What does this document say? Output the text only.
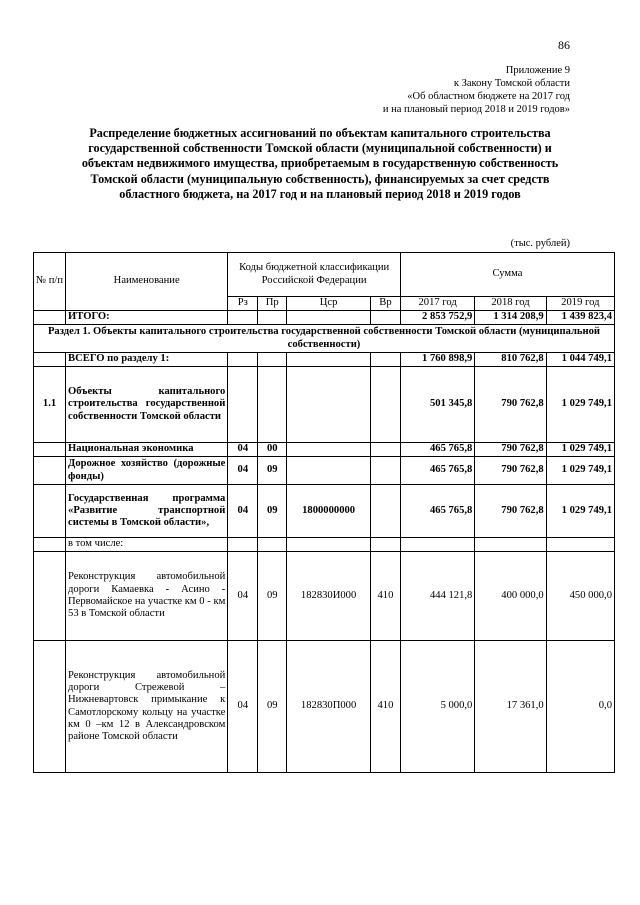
86
Приложение 9
к Закону Томской области
«Об областном бюджете на 2017 год
и на плановый период 2018 и 2019 годов»
Распределение бюджетных ассигнований по объектам капитального строительства государственной собственности Томской области (муниципальной собственности) и объектам недвижимого имущества, приобретаемым в государственную собственность Томской области (муниципальную собственность), финансируемых за счет средств областного бюджета, на 2017 год и на плановый период 2018 и 2019 годов
(тыс. рублей)
№ п/п	Наименование	Коды бюджетной классификации Российской Федерации				Сумма		
		Рз	Пр	Цср	Вр	2017 год	2018 год	2019 год
	ИТОГО:					2 853 752,9	1 314 208,9	1 439 823,4
Раздел 1. Объекты капитального строительства государственной собственности Томской области (муниципальной собственности)								
	ВСЕГО по разделу 1:					1 760 898,9	810 762,8	1 044 749,1
1.1	Объекты капитального строительства государственной собственности Томской области					501 345,8	790 762,8	1 029 749,1
	Национальная экономика	04	00			465 765,8	790 762,8	1 029 749,1
	Дорожное хозяйство (дорожные фонды)	04	09			465 765,8	790 762,8	1 029 749,1
	Государственная программа «Развитие транспортной системы в Томской области»,	04	09	1800000000		465 765,8	790 762,8	1 029 749,1
	в том числе:							
	Реконструкция автомобильной дороги Камаевка - Асино - Первомайское на участке км 0 - км 53 в Томской области	04	09	182830И000	410	444 121,8	400 000,0	450 000,0
	Реконструкция автомобильной дороги Стрежевой – Нижневартовск примыкание к Самотлорскому кольцу на участке км 0 –км 12 в Александровском районе Томской области	04	09	182830П000	410	5 000,0	17 361,0	0,0
